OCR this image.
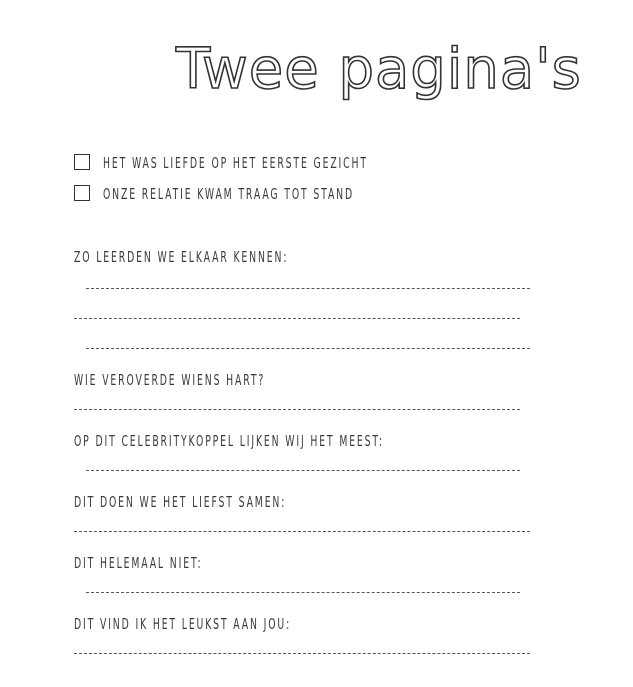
Twee pagina's
HET WAS LIEFDE OP HET EERSTE GEZICHT
ONZE RELATIE KWAM TRAAG TOT STAND
ZO LEERDEN WE ELKAAR KENNEN:
WIE VEROVERDE WIENS HART?
OP DIT CELEBRITYKOPPEL LIJKEN WIJ HET MEEST:
DIT DOEN WE HET LIEFST SAMEN:
DIT HELEMAAL NIET:
DIT VIND IK HET LEUKST AAN JOU:
